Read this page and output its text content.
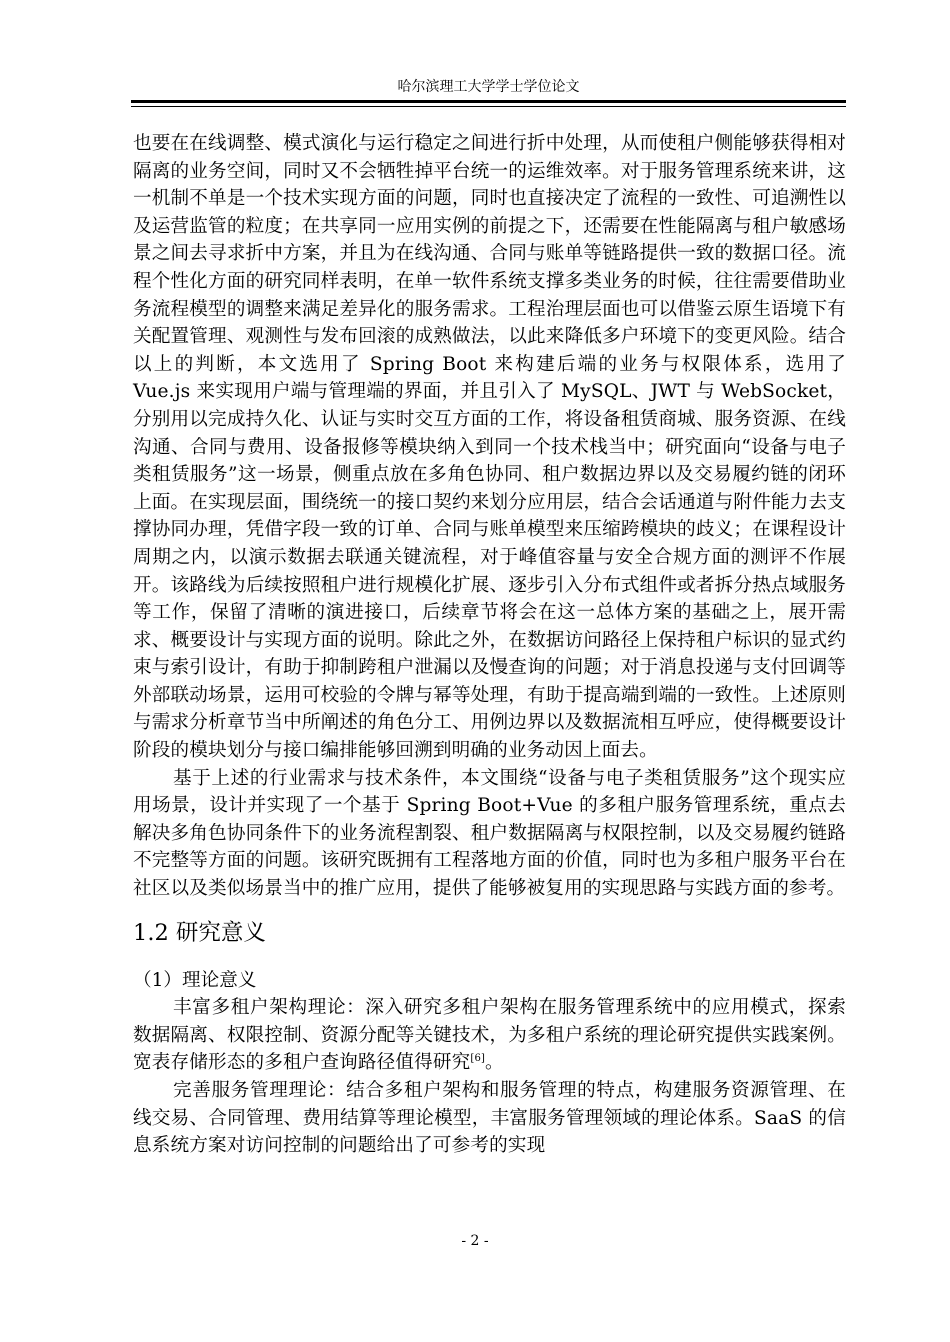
哈尔滨理工大学学士学位论文

也要在在线调整、模式演化与运行稳定之间进行折中处理，从而使租户侧能够获得相对隔离的业务空间，同时又不会牺牲掉平台统一的运维效率。对于服务管理系统来讲，这一机制不单是一个技术实现方面的问题，同时也直接决定了流程的一致性、可追溯性以及运营监管的粒度；在共享同一应用实例的前提之下，还需要在性能隔离与租户敏感场景之间去寻求折中方案，并且为在线沟通、合同与账单等链路提供一致的数据口径。流程个性化方面的研究同样表明，在单一软件系统支撑多类业务的时候，往往需要借助业务流程模型的调整来满足差异化的服务需求。工程治理层面也可以借鉴云原生语境下有关配置管理、观测性与发布回滚的成熟做法，以此来降低多户环境下的变更风险。结合以上的判断，本文选用了 Spring Boot 来构建后端的业务与权限体系，选用了 Vue.js 来实现用户端与管理端的界面，并且引入了 MySQL、JWT 与 WebSocket，分别用以完成持久化、认证与实时交互方面的工作，将设备租赁商城、服务资源、在线沟通、合同与费用、设备报修等模块纳入到同一个技术栈当中；研究面向“设备与电子类租赁服务”这一场景，侧重点放在多角色协同、租户数据边界以及交易履约链的闭环上面。在实现层面，围绕统一的接口契约来划分应用层，结合会话通道与附件能力去支撑协同办理，凭借字段一致的订单、合同与账单模型来压缩跨模块的歧义；在课程设计周期之内，以演示数据去联通关键流程，对于峰值容量与安全合规方面的测评不作展开。该路线为后续按照租户进行规模化扩展、逐步引入分布式组件或者拆分热点域服务等工作，保留了清晰的演进接口，后续章节将会在这一总体方案的基础之上，展开需求、概要设计与实现方面的说明。除此之外，在数据访问路径上保持租户标识的显式约束与索引设计，有助于抑制跨租户泄漏以及慢查询的问题；对于消息投递与支付回调等外部联动场景，运用可校验的令牌与幂等处理，有助于提高端到端的一致性。上述原则与需求分析章节当中所阐述的角色分工、用例边界以及数据流相互呼应，使得概要设计阶段的模块划分与接口编排能够回溯到明确的业务动因上面去。

基于上述的行业需求与技术条件，本文围绕“设备与电子类租赁服务”这个现实应用场景，设计并实现了一个基于 Spring Boot+Vue 的多租户服务管理系统，重点去解决多角色协同条件下的业务流程割裂、租户数据隔离与权限控制，以及交易履约链路不完整等方面的问题。该研究既拥有工程落地方面的价值，同时也为多租户服务平台在社区以及类似场景当中的推广应用，提供了能够被复用的实现思路与实践方面的参考。

1.2 研究意义

（1）理论意义

丰富多租户架构理论：深入研究多租户架构在服务管理系统中的应用模式，探索数据隔离、权限控制、资源分配等关键技术，为多租户系统的理论研究提供实践案例。宽表存储形态的多租户查询路径值得研究[6]。

完善服务管理理论：结合多租户架构和服务管理的特点，构建服务资源管理、在线交易、合同管理、费用结算等理论模型，丰富服务管理领域的理论体系。SaaS 的信息系统方案对访问控制的问题给出了可参考的实现

- 2 -
